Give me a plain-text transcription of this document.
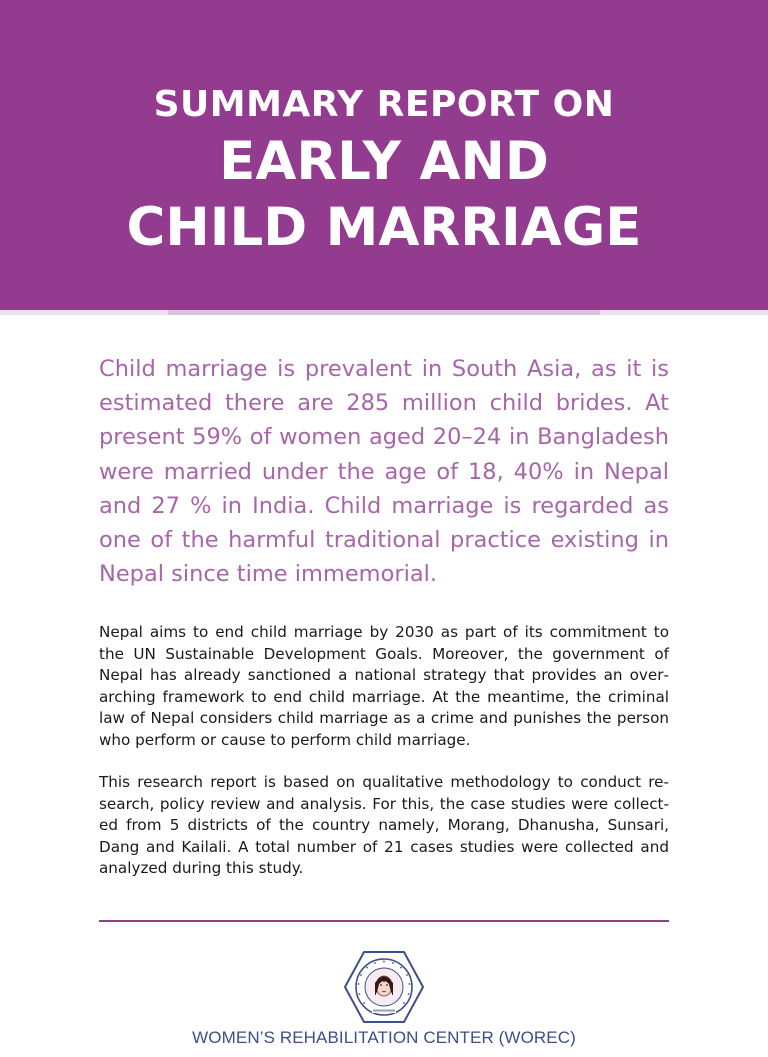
SUMMARY REPORT ON
EARLY AND
CHILD MARRIAGE

Child marriage is prevalent in South Asia, as it is estimated there are 285 million child brides. At present 59% of women aged 20–24 in Bangladesh were married under the age of 18, 40% in Nepal and 27 % in India. Child marriage is regarded as one of the harmful traditional practice existing in Nepal since time immemorial.

Nepal aims to end child marriage by 2030 as part of its commitment to the UN Sustainable Development Goals. Moreover, the government of Nepal has already sanctioned a national strategy that provides an overarching framework to end child marriage. At the meantime, the criminal law of Nepal considers child marriage as a crime and punishes the person who perform or cause to perform child marriage.

This research report is based on qualitative methodology to conduct research, policy review and analysis. For this, the case studies were collected from 5 districts of the country namely, Morang, Dhanusha, Sunsari, Dang and Kailali. A total number of 21 cases studies were collected and analyzed during this study.

WOMEN’S REHABILITATION CENTER (WOREC)
